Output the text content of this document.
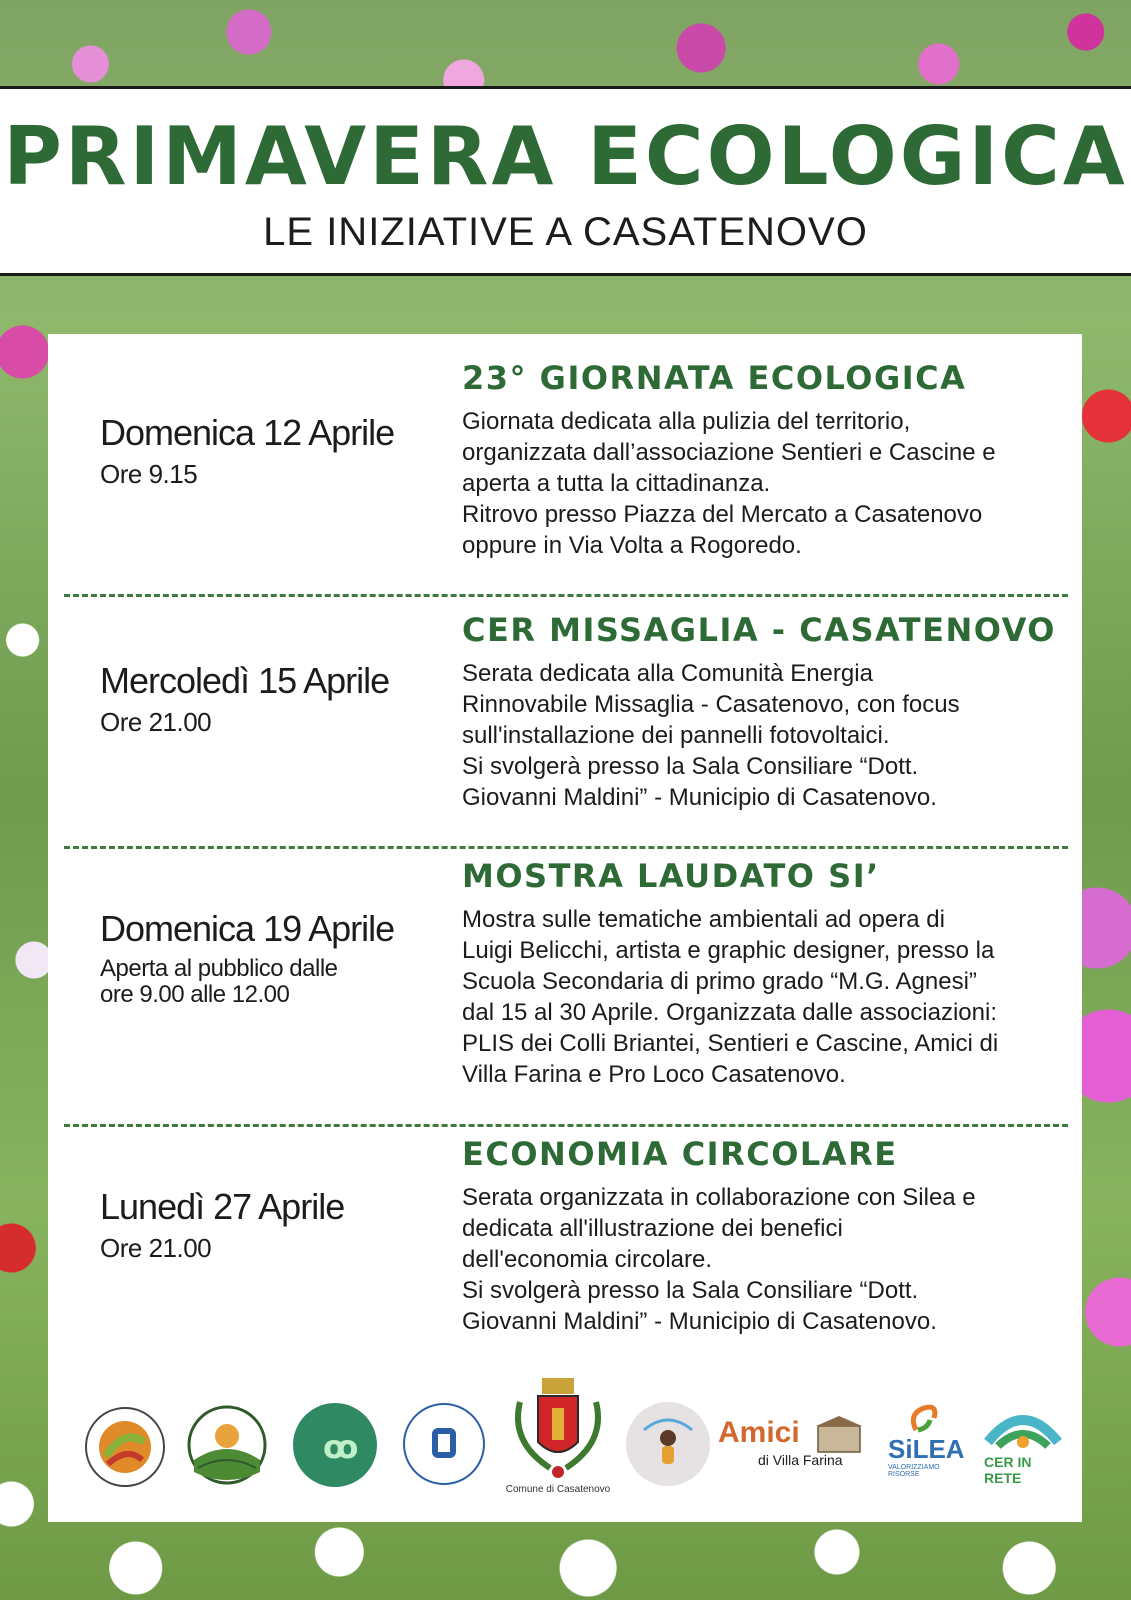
PRIMAVERA ECOLOGICA

LE INIZIATIVE A CASATENOVO

Domenica 12 Aprile

Ore 9.15

23° GIORNATA ECOLOGICA

Giornata dedicata alla pulizia del territorio,
organizzata dall’associazione Sentieri e Cascine e
aperta a tutta la cittadinanza.
Ritrovo presso Piazza del Mercato a Casatenovo
oppure in Via Volta a Rogoredo.

Mercoledì 15 Aprile

Ore 21.00

CER MISSAGLIA - CASATENOVO

Serata dedicata alla Comunità Energia
Rinnovabile Missaglia - Casatenovo, con focus
sull'installazione dei pannelli fotovoltaici.
Si svolgerà presso la Sala Consiliare “Dott.
Giovanni Maldini” - Municipio di Casatenovo.

Domenica 19 Aprile

Aperta al pubblico dalle
ore 9.00 alle 12.00

MOSTRA LAUDATO SI’

Mostra sulle tematiche ambientali ad opera di
Luigi Belicchi, artista e graphic designer, presso la
Scuola Secondaria di primo grado “M.G. Agnesi”
dal 15 al 30 Aprile. Organizzata dalle associazioni:
PLIS dei Colli Briantei, Sentieri e Cascine, Amici di
Villa Farina e Pro Loco Casatenovo.

Lunedì 27 Aprile

Ore 21.00

ECONOMIA CIRCOLARE

Serata organizzata in collaborazione con Silea e
dedicata all'illustrazione dei benefici
dell'economia circolare.
Si svolgerà presso la Sala Consiliare “Dott.
Giovanni Maldini” - Municipio di Casatenovo.

ꝏ
Comune di Casatenovo
Amici
di Villa Farina SiLEA
VALORIZZIAMO RISORSE
CER IN RETE
